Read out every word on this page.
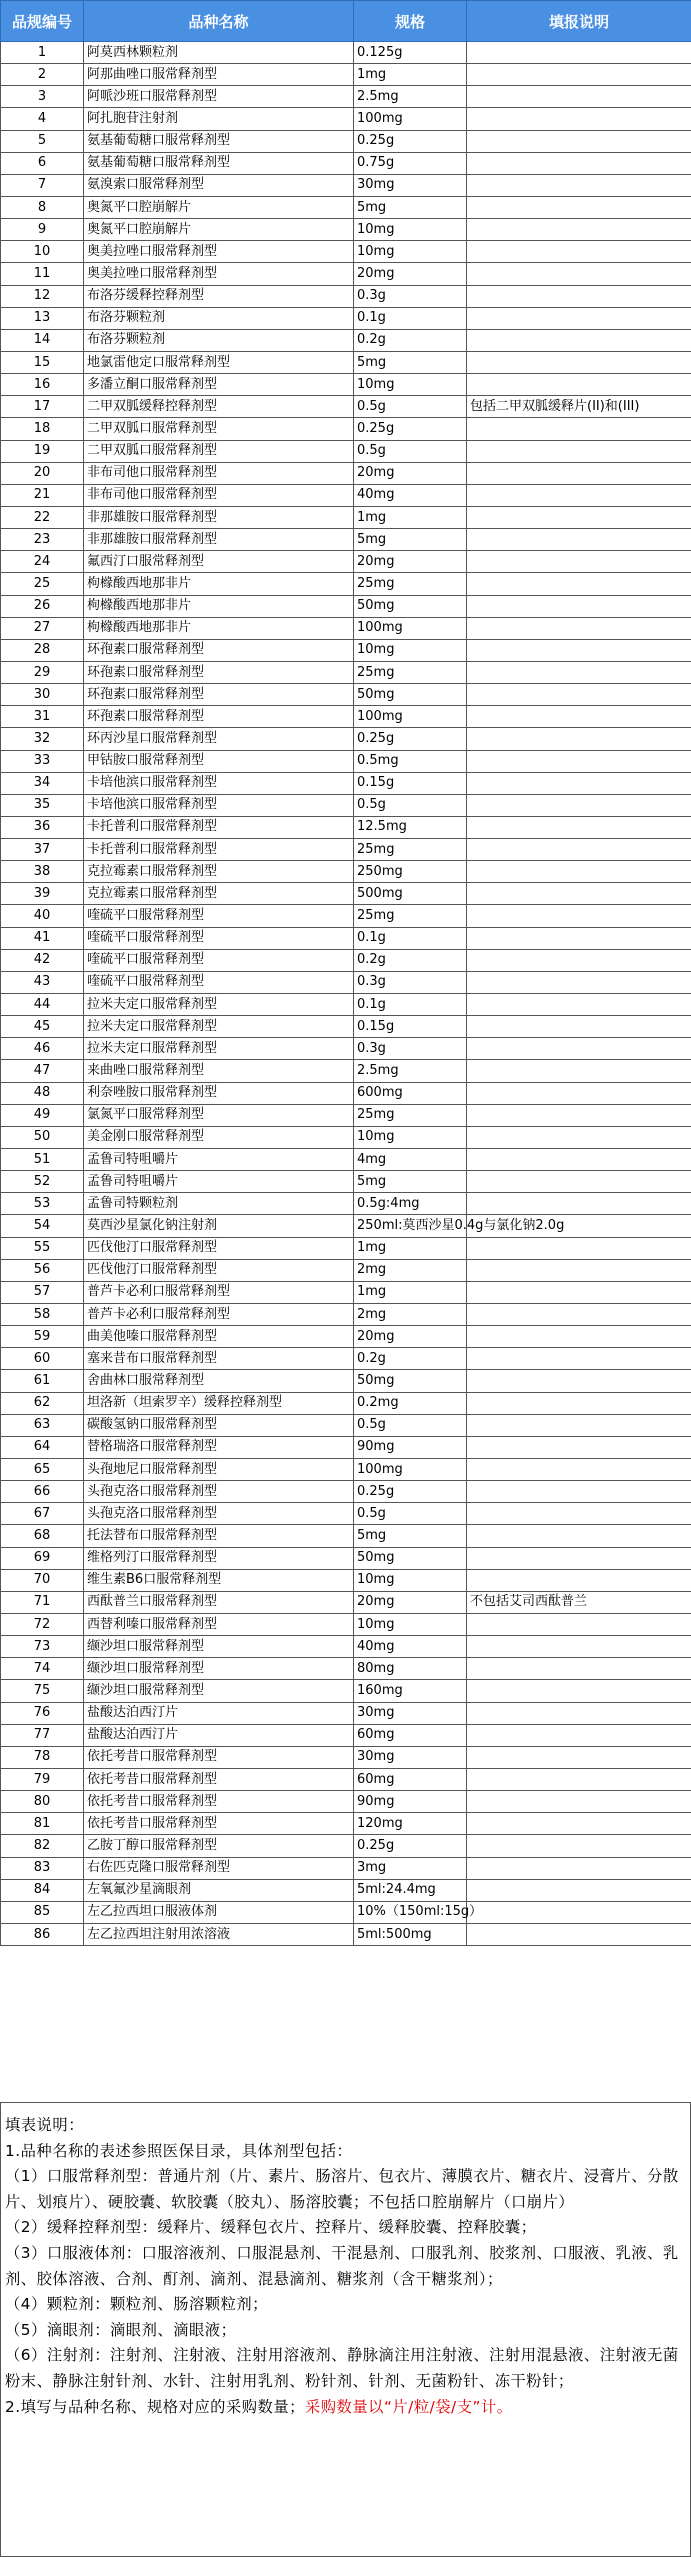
品规编号	品种名称	规格	填报说明
1	阿莫西林颗粒剂	0.125g	
2	阿那曲唑口服常释剂型	1mg	
3	阿哌沙班口服常释剂型	2.5mg	
4	阿扎胞苷注射剂	100mg	
5	氨基葡萄糖口服常释剂型	0.25g	
6	氨基葡萄糖口服常释剂型	0.75g	
7	氨溴索口服常释剂型	30mg	
8	奥氮平口腔崩解片	5mg	
9	奥氮平口腔崩解片	10mg	
10	奥美拉唑口服常释剂型	10mg	
11	奥美拉唑口服常释剂型	20mg	
12	布洛芬缓释控释剂型	0.3g	
13	布洛芬颗粒剂	0.1g	
14	布洛芬颗粒剂	0.2g	
15	地氯雷他定口服常释剂型	5mg	
16	多潘立酮口服常释剂型	10mg	
17	二甲双胍缓释控释剂型	0.5g	包括二甲双胍缓释片(II)和(III)
18	二甲双胍口服常释剂型	0.25g	
19	二甲双胍口服常释剂型	0.5g	
20	非布司他口服常释剂型	20mg	
21	非布司他口服常释剂型	40mg	
22	非那雄胺口服常释剂型	1mg	
23	非那雄胺口服常释剂型	5mg	
24	氟西汀口服常释剂型	20mg	
25	枸橼酸西地那非片	25mg	
26	枸橼酸西地那非片	50mg	
27	枸橼酸西地那非片	100mg	
28	环孢素口服常释剂型	10mg	
29	环孢素口服常释剂型	25mg	
30	环孢素口服常释剂型	50mg	
31	环孢素口服常释剂型	100mg	
32	环丙沙星口服常释剂型	0.25g	
33	甲钴胺口服常释剂型	0.5mg	
34	卡培他滨口服常释剂型	0.15g	
35	卡培他滨口服常释剂型	0.5g	
36	卡托普利口服常释剂型	12.5mg	
37	卡托普利口服常释剂型	25mg	
38	克拉霉素口服常释剂型	250mg	
39	克拉霉素口服常释剂型	500mg	
40	喹硫平口服常释剂型	25mg	
41	喹硫平口服常释剂型	0.1g	
42	喹硫平口服常释剂型	0.2g	
43	喹硫平口服常释剂型	0.3g	
44	拉米夫定口服常释剂型	0.1g	
45	拉米夫定口服常释剂型	0.15g	
46	拉米夫定口服常释剂型	0.3g	
47	来曲唑口服常释剂型	2.5mg	
48	利奈唑胺口服常释剂型	600mg	
49	氯氮平口服常释剂型	25mg	
50	美金刚口服常释剂型	10mg	
51	孟鲁司特咀嚼片	4mg	
52	孟鲁司特咀嚼片	5mg	
53	孟鲁司特颗粒剂	0.5g:4mg	
54	莫西沙星氯化钠注射剂	250ml:莫西沙星0.4g与氯化钠2.0g	
55	匹伐他汀口服常释剂型	1mg	
56	匹伐他汀口服常释剂型	2mg	
57	普芦卡必利口服常释剂型	1mg	
58	普芦卡必利口服常释剂型	2mg	
59	曲美他嗪口服常释剂型	20mg	
60	塞来昔布口服常释剂型	0.2g	
61	舍曲林口服常释剂型	50mg	
62	坦洛新（坦索罗辛）缓释控释剂型	0.2mg	
63	碳酸氢钠口服常释剂型	0.5g	
64	替格瑞洛口服常释剂型	90mg	
65	头孢地尼口服常释剂型	100mg	
66	头孢克洛口服常释剂型	0.25g	
67	头孢克洛口服常释剂型	0.5g	
68	托法替布口服常释剂型	5mg	
69	维格列汀口服常释剂型	50mg	
70	维生素B6口服常释剂型	10mg	
71	西酞普兰口服常释剂型	20mg	不包括艾司西酞普兰
72	西替利嗪口服常释剂型	10mg	
73	缬沙坦口服常释剂型	40mg	
74	缬沙坦口服常释剂型	80mg	
75	缬沙坦口服常释剂型	160mg	
76	盐酸达泊西汀片	30mg	
77	盐酸达泊西汀片	60mg	
78	依托考昔口服常释剂型	30mg	
79	依托考昔口服常释剂型	60mg	
80	依托考昔口服常释剂型	90mg	
81	依托考昔口服常释剂型	120mg	
82	乙胺丁醇口服常释剂型	0.25g	
83	右佐匹克隆口服常释剂型	3mg	
84	左氧氟沙星滴眼剂	5ml:24.4mg	
85	左乙拉西坦口服液体剂	10%（150ml:15g）	
86	左乙拉西坦注射用浓溶液	5ml:500mg	

填表说明：

1.品种名称的表述参照医保目录，具体剂型包括：

（1）口服常释剂型：普通片剂（片、素片、肠溶片、包衣片、薄膜衣片、糖衣片、浸膏片、分散片、划痕片）、硬胶囊、软胶囊（胶丸）、肠溶胶囊；不包括口腔崩解片（口崩片）

（2）缓释控释剂型：缓释片、缓释包衣片、控释片、缓释胶囊、控释胶囊；

（3）口服液体剂：口服溶液剂、口服混悬剂、干混悬剂、口服乳剂、胶浆剂、口服液、乳液、乳剂、胶体溶液、合剂、酊剂、滴剂、混悬滴剂、糖浆剂（含干糖浆剂）；

（4）颗粒剂：颗粒剂、肠溶颗粒剂；

（5）滴眼剂：滴眼剂、滴眼液；

（6）注射剂：注射剂、注射液、注射用溶液剂、静脉滴注用注射液、注射用混悬液、注射液无菌粉末、静脉注射针剂、水针、注射用乳剂、粉针剂、针剂、无菌粉针、冻干粉针；

2.填写与品种名称、规格对应的采购数量；采购数量以“片/粒/袋/支”计。
